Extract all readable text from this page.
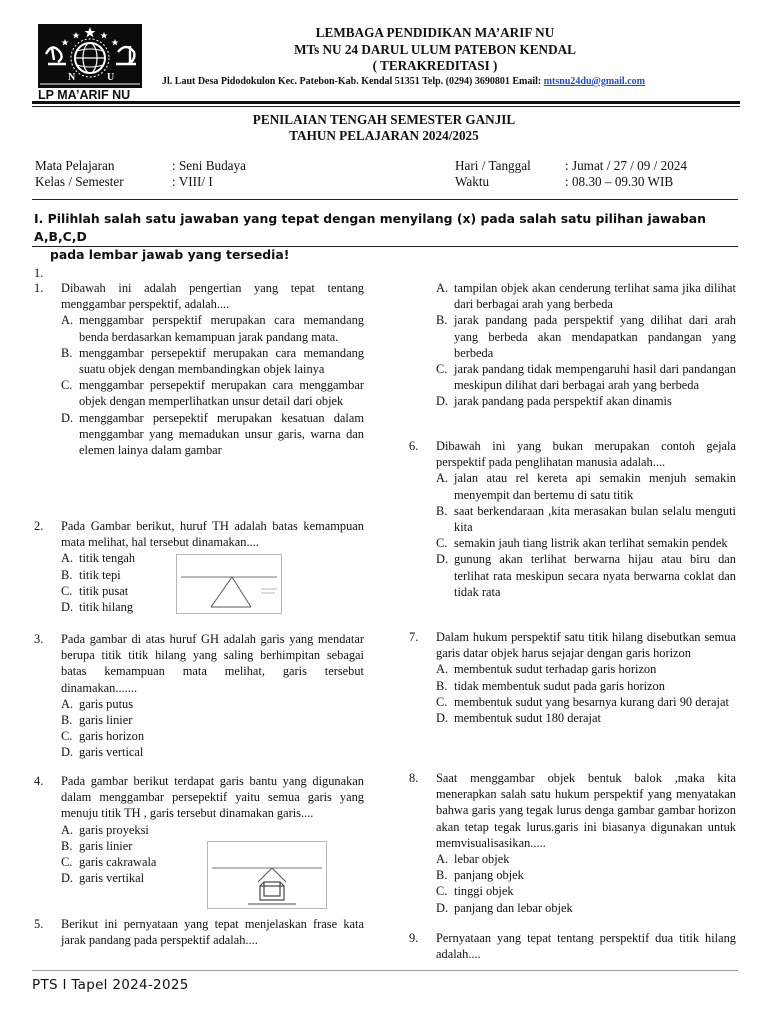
N	U
LP MA’ARIF NU
LEMBAGA PENDIDIKAN MA’ARIF NU
MTs NU 24 DARUL ULUM PATEBON KENDAL
( TERAKREDITASI )
Jl. Laut Desa Pidodokulon Kec. Patebon-Kab. Kendal 51351 Telp. (0294) 3690801 Email: mtsnu24du@gmail.com
PENILAIAN TENGAH SEMESTER GANJIL
TAHUN PELAJARAN 2024/2025
Mata Pelajaran	: Seni Budaya
Kelas / Semester	: VIII/ I
Hari / Tanggal	: Jumat / 27 / 09 / 2024
Waktu	: 08.30 – 09.30 WIB
I. Pilihlah salah satu jawaban yang tepat dengan menyilang (x) pada salah satu pilihan jawaban A,B,C,D
pada lembar jawab yang tersedia!
1.
1. Dibawah ini adalah pengertian yang tepat tentang menggambar perspektif, adalah....
A. menggambar perspektif merupakan cara memandang benda berdasarkan kemampuan jarak pandang mata.
B. menggambar persepektif merupakan cara memandang suatu objek dengan membandingkan objek lainya
C. menggambar persepektif merupakan cara menggambar objek dengan memperlihatkan unsur detail dari objek
D. menggambar persepektif merupakan kesatuan dalam menggambar yang memadukan unsur garis, warna dan elemen lainya dalam gambar
2. Pada Gambar berikut, huruf TH adalah batas kemampuan mata melihat, hal tersebut dinamakan....
A. titik tengah
B. titik tepi
C. titik pusat
D. titik hilang
3. Pada gambar di atas huruf GH adalah garis yang mendatar berupa titik titik hilang yang saling berhimpitan sebagai batas kemampuan mata melihat, garis tersebut dinamakan.......
A. garis putus
B. garis linier
C. garis horizon
D. garis vertical
4. Pada gambar berikut terdapat garis bantu yang digunakan dalam menggambar persepektif yaitu semua garis yang menuju titik TH , garis tersebut dinamakan garis....
A. garis proyeksi
B. garis linier
C. garis cakrawala
D. garis vertikal
5. Berikut ini pernyataan yang tepat menjelaskan frase kata jarak pandang pada perspektif adalah....
A. tampilan objek akan cenderung terlihat sama jika dilihat dari berbagai arah yang berbeda
B. jarak pandang pada perspektif yang dilihat dari arah yang berbeda akan mendapatkan pandangan yang berbeda
C. jarak pandang tidak mempengaruhi hasil dari pandangan meskipun dilihat dari berbagai arah yang berbeda
D. jarak pandang pada perspektif akan dinamis
6. Dibawah ini yang bukan merupakan contoh gejala perspektif pada penglihatan manusia adalah....
A. jalan atau rel kereta api semakin menjuh semakin menyempit dan bertemu di satu titik
B. saat berkendaraan ,kita merasakan bulan selalu menguti kita
C. semakin jauh tiang listrik akan terlihat semakin pendek
D. gunung akan terlihat berwarna hijau atau biru dan terlihat rata meskipun secara nyata berwarna coklat dan tidak rata
7. Dalam hukum perspektif satu titik hilang disebutkan semua garis datar objek harus sejajar dengan garis horizon
A. membentuk sudut terhadap garis horizon
B. tidak membentuk sudut pada garis horizon
C. membentuk sudut yang besarnya kurang dari 90 derajat
D. membentuk sudut 180 derajat
8. Saat menggambar objek bentuk balok ,maka kita menerapkan salah satu hukum perspektif yang menyatakan bahwa garis yang tegak lurus denga gambar gambar horizon akan tetap tegak lurus.garis ini biasanya digunakan untuk memvisualisasikan.....
A. lebar objek
B. panjang objek
C. tinggi objek
D. panjang dan lebar objek
9. Pernyataan yang tepat tentang perspektif dua titik hilang adalah....
PTS I Tapel 2024-2025
